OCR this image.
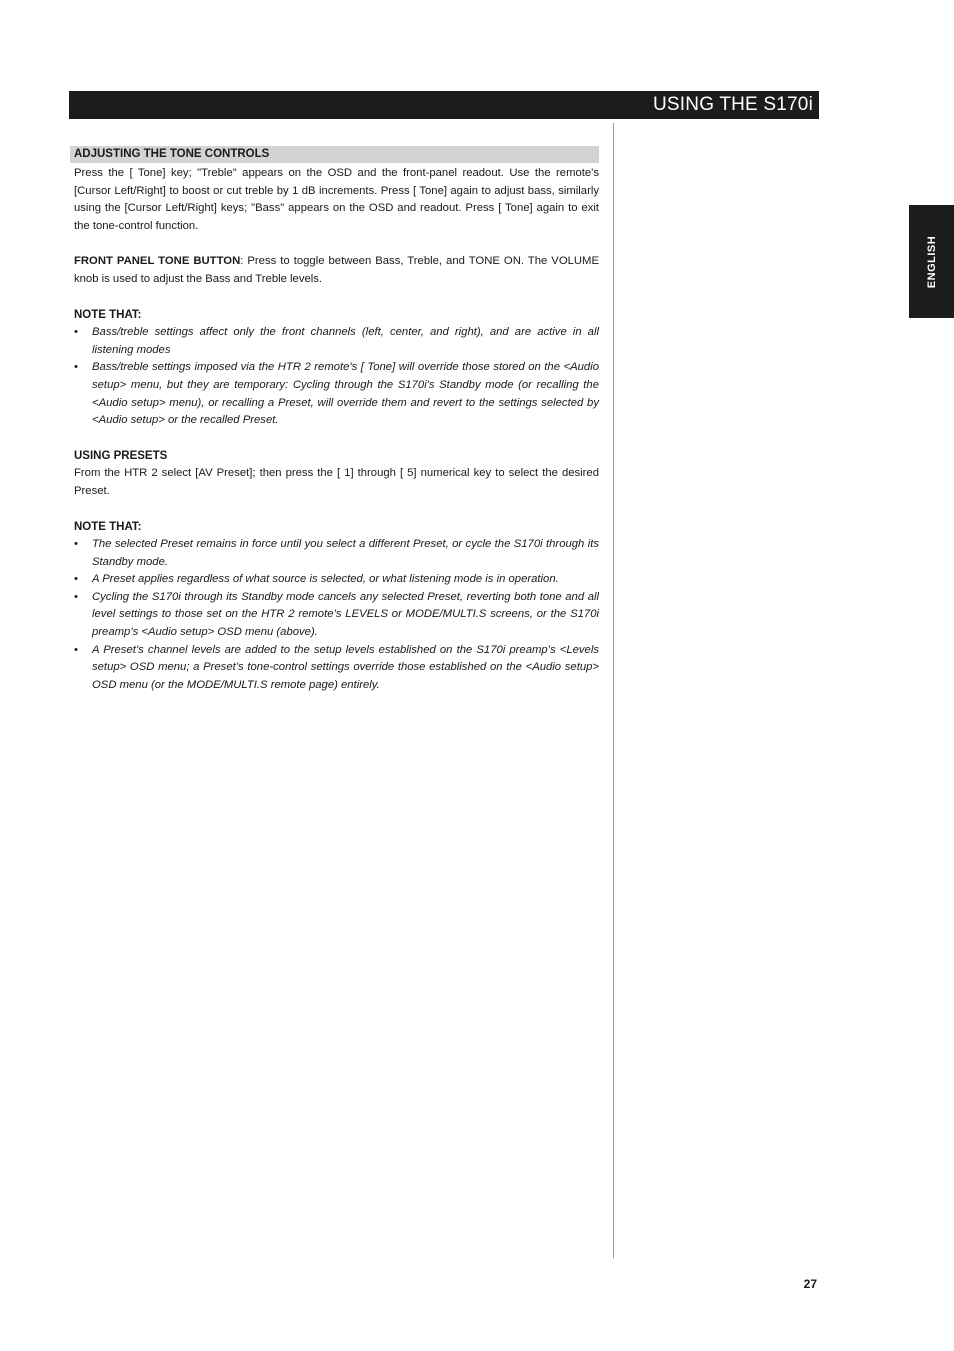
USING THE S170i
ENGLISH
ADJUSTING THE TONE CONTROLS

Press the [ Tone] key; "Treble" appears on the OSD and the front-panel readout. Use the remote's [Cursor Left/Right] to boost or cut treble by 1 dB increments. Press [ Tone] again to adjust bass, similarly using the [Cursor Left/Right] keys; "Bass" appears on the OSD and readout. Press [ Tone] again to exit the tone-control function.

FRONT PANEL TONE BUTTON: Press to toggle between Bass, Treble, and TONE ON. The VOLUME knob is used to adjust the Bass and Treble levels.

NOTE THAT:
• Bass/treble settings affect only the front channels (left, center, and right), and are active in all listening modes
• Bass/treble settings imposed via the HTR 2 remote's [ Tone] will override those stored on the <Audio setup> menu, but they are temporary: Cycling through the S170i's Standby mode (or recalling the <Audio setup> menu), or recalling a Preset, will override them and revert to the settings selected by <Audio setup> or the recalled Preset.
USING PRESETS

From the HTR 2 select [AV Preset]; then press the [ 1] through [ 5] numerical key to select the desired Preset.

NOTE THAT:
• The selected Preset remains in force until you select a different Preset, or cycle the S170i through its Standby mode.
• A Preset applies regardless of what source is selected, or what listening mode is in operation.
• Cycling the S170i through its Standby mode cancels any selected Preset, reverting both tone and all level settings to those set on the HTR 2 remote’s LEVELS or MODE/MULTI.S screens, or the S170i preamp’s <Audio setup> OSD menu (above).
• A Preset’s channel levels are added to the setup levels established on the S170i preamp’s <Levels setup> OSD menu; a Preset’s tone-control settings override those established on the <Audio setup> OSD menu (or the MODE/MULTI.S remote page) entirely.
27
